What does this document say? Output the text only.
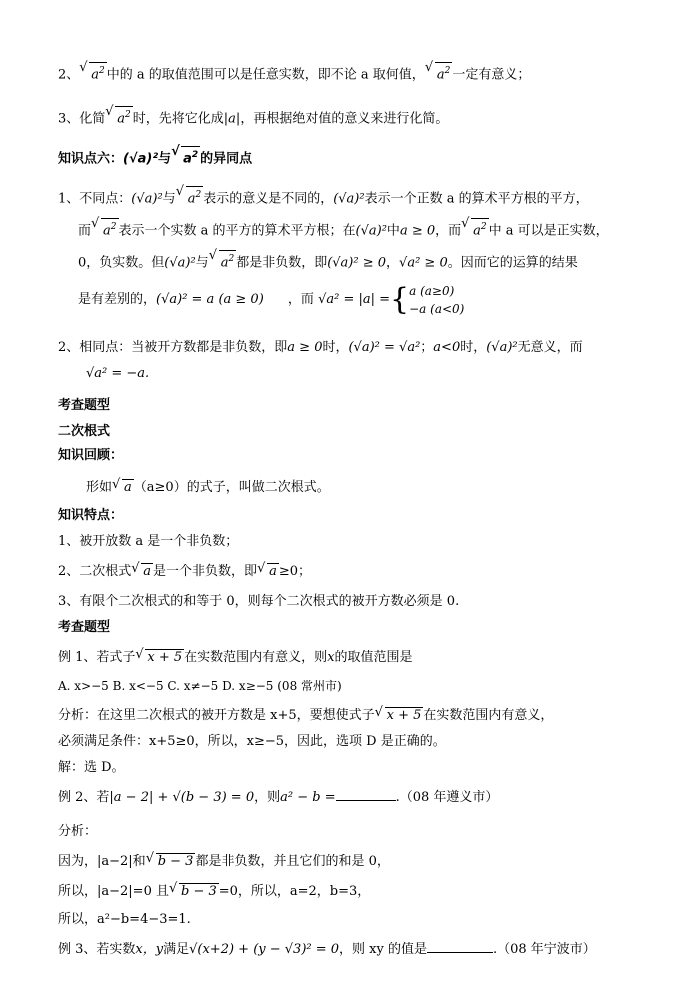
2、 √ $a^2$ 中的 a 的取值范围可以是任意实数，即不论 a 取何值， √ $a^2$ 一定有意义；
3、化简 √ $a^2$ 时，先将它化成|a|，再根据绝对值的意义来进行化简。
知识点六：(√a)²与 √ $a^2$ 的异同点
1、不同点：(√a)²与 √ $a^2$ 表示的意义是不同的，(√a)²表示一个正数 a 的算术平方根的平方，
而 √ $a^2$ 表示一个实数 a 的平方的算术平方根；在(√a)²中a ≥ 0，而 √ $a^2$ 中 a 可以是正实数，
0，负实数。但(√a)²与 √ $a^2$ 都是非负数，即(√a)² ≥ 0，√a² ≥ 0。因而它的运算的结果
是有差别的，(√a)² = a (a ≥ 0) ，而 √a² = |a| ={a (a≥0)
−a (a<0)
2、相同点：当被开方数都是非负数，即a ≥ 0时，(√a)² = √a²；a<0时，(√a)²无意义，而
√a² = −a.
考查题型
二次根式
知识回顾：
形如 √ a （a≥0）的式子，叫做二次根式。
知识特点：
1、被开放数 a 是一个非负数；
2、二次根式 √ a 是一个非负数，即 √ a ≥0；
3、有限个二次根式的和等于 0，则每个二次根式的被开方数必须是 0.
考查题型
例 1、若式子 √ x + 5 在实数范围内有意义，则x的取值范围是
A. x>−5 B. x<−5 C. x≠−5 D. x≥−5 (08 常州市)
分析：在这里二次根式的被开方数是 x+5，要想使式子 √ x + 5 在实数范围内有意义，
必须满足条件：x+5≥0，所以，x≥−5，因此，选项 D 是正确的。
解：选 D。
例 2、若|a − 2| + √(b − 3) = 0，则a² − b =	.（08 年遵义市）
分析：
因为，|a−2|和 √ b − 3 都是非负数，并且它们的和是 0，
所以，|a−2|=0 且 √ b − 3 =0，所以，a=2，b=3，
所以，a²−b=4−3=1.
例 3、若实数x，y满足√(x+2) + (y − √3)² = 0，则 xy 的值是	.（08 年宁波市）
